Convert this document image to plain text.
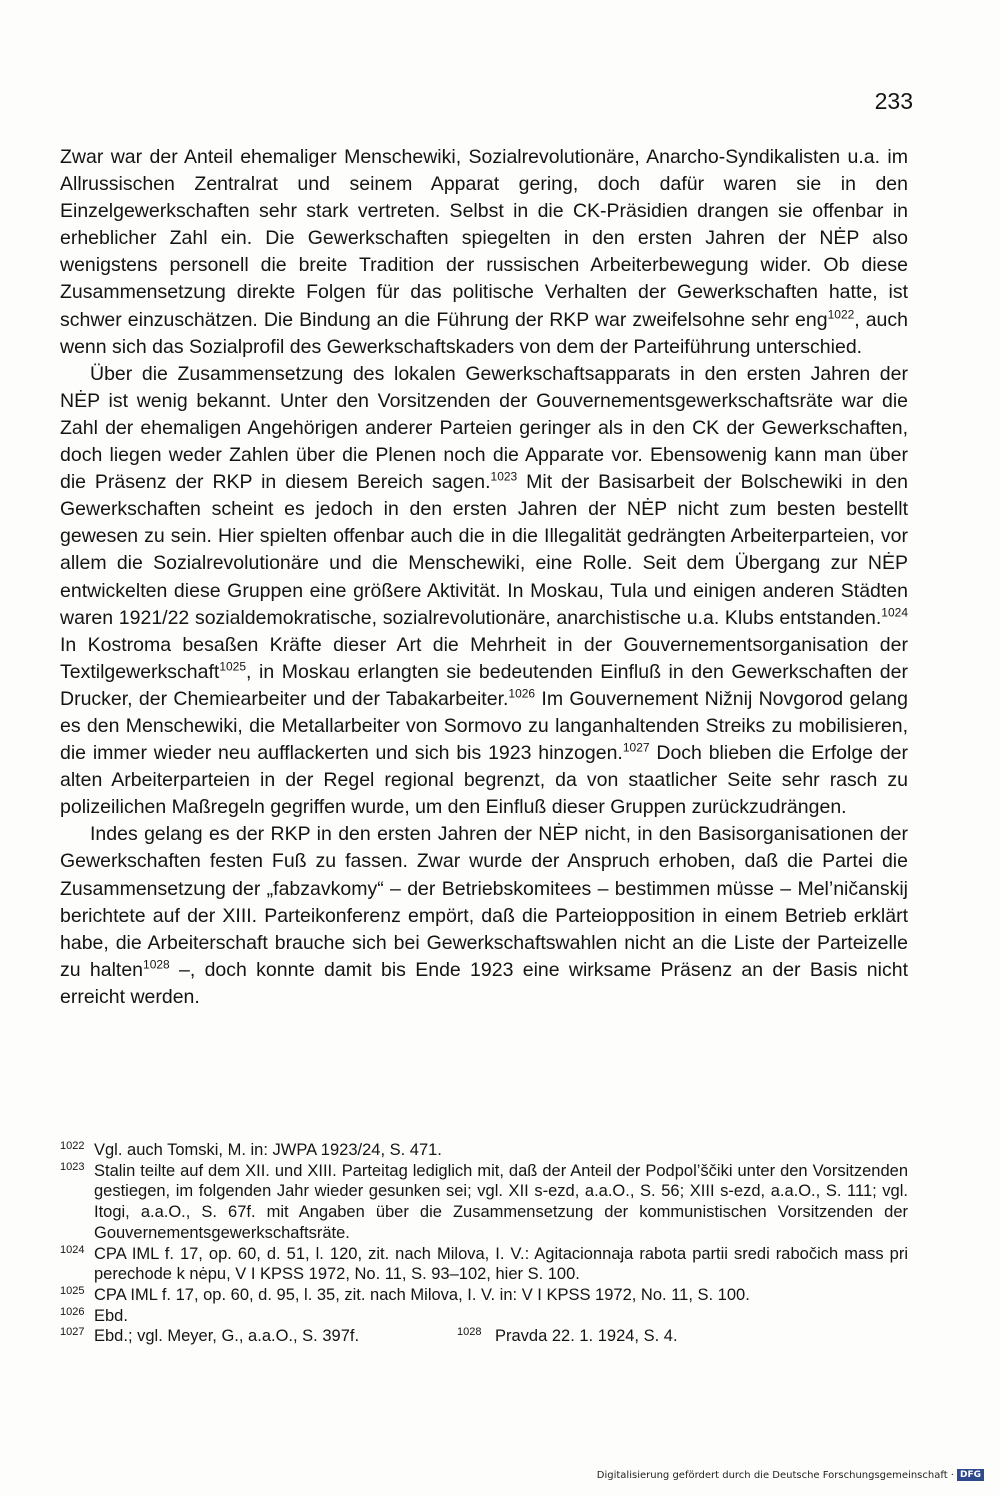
233

Zwar war der Anteil ehemaliger Menschewiki, Sozialrevolutionäre, Anarcho-Syndikalisten u.a. im Allrussischen Zentralrat und seinem Apparat gering, doch dafür waren sie in den Einzelgewerkschaften sehr stark vertreten. Selbst in die CK-Präsidien drangen sie offenbar in erheblicher Zahl ein. Die Gewerkschaften spiegelten in den ersten Jahren der NĖP also wenigstens personell die breite Tradition der russischen Arbeiterbewegung wider. Ob diese Zusammensetzung direkte Folgen für das politische Verhalten der Gewerkschaften hatte, ist schwer einzuschätzen. Die Bindung an die Führung der RKP war zweifelsohne sehr eng$^{1022}$, auch wenn sich das Sozialprofil des Gewerkschaftskaders von dem der Parteiführung unterschied.

Über die Zusammensetzung des lokalen Gewerkschaftsapparats in den ersten Jahren der NĖP ist wenig bekannt. Unter den Vorsitzenden der Gouvernementsgewerkschaftsräte war die Zahl der ehemaligen Angehörigen anderer Parteien geringer als in den CK der Gewerkschaften, doch liegen weder Zahlen über die Plenen noch die Apparate vor. Ebensowenig kann man über die Präsenz der RKP in diesem Bereich sagen.$^{1023}$ Mit der Basisarbeit der Bolschewiki in den Gewerkschaften scheint es jedoch in den ersten Jahren der NĖP nicht zum besten bestellt gewesen zu sein. Hier spielten offenbar auch die in die Illegalität gedrängten Arbeiterparteien, vor allem die Sozialrevolutionäre und die Menschewiki, eine Rolle. Seit dem Übergang zur NĖP entwickelten diese Gruppen eine größere Aktivität. In Moskau, Tula und einigen anderen Städten waren 1921/22 sozialdemokratische, sozialrevolutionäre, anarchistische u.a. Klubs entstanden.$^{1024}$ In Kostroma besaßen Kräfte dieser Art die Mehrheit in der Gouvernementsorganisation der Textilgewerkschaft$^{1025}$, in Moskau erlangten sie bedeutenden Einfluß in den Gewerkschaften der Drucker, der Chemiearbeiter und der Tabakarbeiter.$^{1026}$ Im Gouvernement Nižnij Novgorod gelang es den Menschewiki, die Metallarbeiter von Sormovo zu langanhaltenden Streiks zu mobilisieren, die immer wieder neu aufflackerten und sich bis 1923 hinzogen.$^{1027}$ Doch blieben die Erfolge der alten Arbeiterparteien in der Regel regional begrenzt, da von staatlicher Seite sehr rasch zu polizeilichen Maßregeln gegriffen wurde, um den Einfluß dieser Gruppen zurückzudrängen.

Indes gelang es der RKP in den ersten Jahren der NĖP nicht, in den Basisorganisationen der Gewerkschaften festen Fuß zu fassen. Zwar wurde der Anspruch erhoben, daß die Partei die Zusammensetzung der „fabzavkomy“ – der Betriebskomitees – bestimmen müsse – Mel’ničanskij berichtete auf der XIII. Parteikonferenz empört, daß die Parteiopposition in einem Betrieb erklärt habe, die Arbeiterschaft brauche sich bei Gewerkschaftswahlen nicht an die Liste der Parteizelle zu halten$^{1028}$ –, doch konnte damit bis Ende 1923 eine wirksame Präsenz an der Basis nicht erreicht werden.

1022 Vgl. auch Tomski, M. in: JWPA 1923/24, S. 471.
1023 Stalin teilte auf dem XII. und XIII. Parteitag lediglich mit, daß der Anteil der Podpol’ščiki unter den Vorsitzenden gestiegen, im folgenden Jahr wieder gesunken sei; vgl. XII s-ezd, a.a.O., S. 56; XIII s-ezd, a.a.O., S. 111; vgl. Itogi, a.a.O., S. 67f. mit Angaben über die Zusammensetzung der kommunistischen Vorsitzenden der Gouvernementsgewerkschaftsräte.
1024 CPA IML f. 17, op. 60, d. 51, l. 120, zit. nach Milova, I. V.: Agitacionnaja rabota partii sredi rabočich mass pri perechode k nėpu, V I KPSS 1972, No. 11, S. 93–102, hier S. 100.
1025 CPA IML f. 17, op. 60, d. 95, l. 35, zit. nach Milova, I. V. in: V I KPSS 1972, No. 11, S. 100.
1026 Ebd.
1027 Ebd.; vgl. Meyer, G., a.a.O., S. 397f.	1028 Pravda 22. 1. 1924, S. 4.
Digitalisierung gefördert durch die Deutsche Forschungsgemeinschaft · DFG
